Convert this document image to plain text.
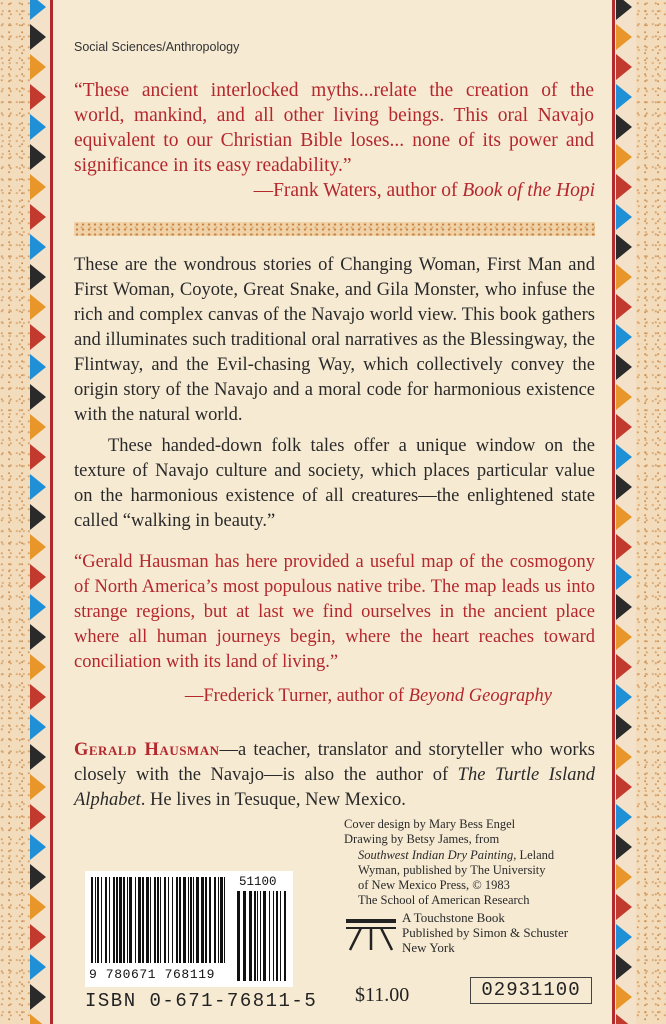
Social Sciences/Anthropology
“These ancient interlocked myths...relate the creation of the world, mankind, and all other living beings. This oral Navajo equivalent to our Christian Bible loses... none of its power and significance in its easy readability.”
—Frank Waters, author of Book of the Hopi
These are the wondrous stories of Changing Woman, First Man and First Woman, Coyote, Great Snake, and Gila Monster, who infuse the rich and complex canvas of the Navajo world view. This book gathers and illuminates such traditional oral narratives as the Blessingway, the Flintway, and the Evil-chasing Way, which collectively convey the origin story of the Navajo and a moral code for harmonious existence with the natural world.
These handed-down folk tales offer a unique window on the texture of Navajo culture and society, which places particular value on the harmonious existence of all creatures—the enlightened state called “walking in beauty.”
“Gerald Hausman has here provided a useful map of the cosmogony of North America’s most populous native tribe. The map leads us into strange regions, but at last we find ourselves in the ancient place where all human journeys begin, where the heart reaches toward conciliation with its land of living.”
—Frederick Turner, author of Beyond Geography
Gerald Hausman—a teacher, translator and storyteller who works closely with the Navajo—is also the author of The Turtle Island Alphabet. He lives in Tesuque, New Mexico.
Cover design by Mary Bess Engel
Drawing by Betsy James, from
Southwest Indian Dry Painting, Leland
Wyman, published by The University
of New Mexico Press, © 1983
The School of American Research
A Touchstone Book
Published by Simon & Schuster
New York
51100
9 780671 768119
ISBN 0-671-76811-5 $11.00	02931100
